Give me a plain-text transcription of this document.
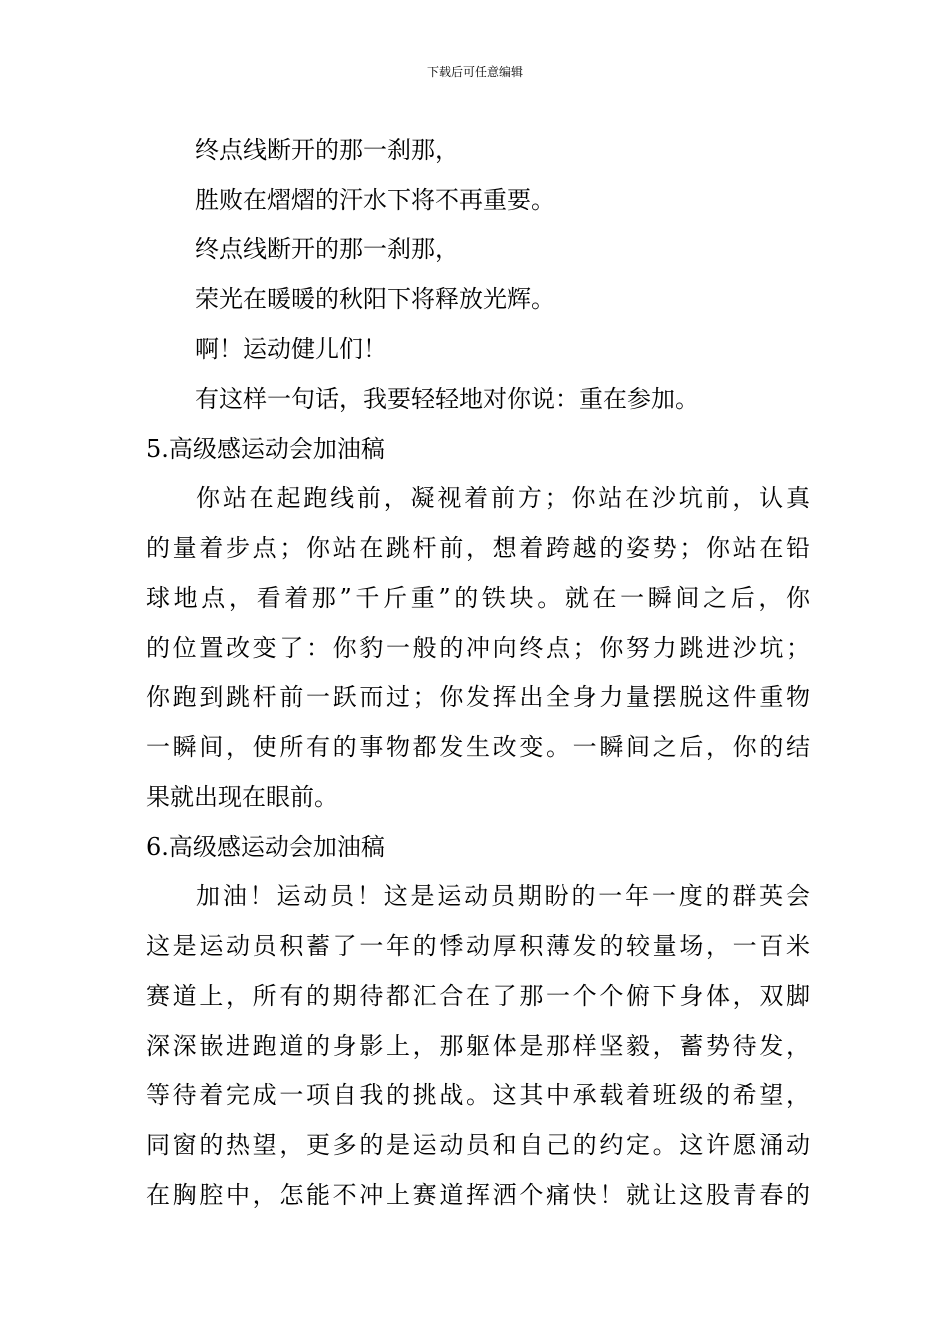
下载后可任意编辑
终点线断开的那一刹那，
胜败在熠熠的汗水下将不再重要。
终点线断开的那一刹那，
荣光在暖暖的秋阳下将释放光辉。
啊！运动健儿们！
有这样一句话，我要轻轻地对你说：重在参加。
5.高级感运动会加油稿
你站在起跑线前，凝视着前方；你站在沙坑前，认真
的量着步点；你站在跳杆前，想着跨越的姿势；你站在铅
球地点，看着那”千斤重”的铁块。就在一瞬间之后，你
的位置改变了：你豹一般的冲向终点；你努力跳进沙坑；
你跑到跳杆前一跃而过；你发挥出全身力量摆脱这件重物
一瞬间，使所有的事物都发生改变。一瞬间之后，你的结
果就出现在眼前。
6.高级感运动会加油稿
加油！运动员！这是运动员期盼的一年一度的群英会
这是运动员积蓄了一年的悸动厚积薄发的较量场，一百米
赛道上，所有的期待都汇合在了那一个个俯下身体，双脚
深深嵌进跑道的身影上，那躯体是那样坚毅，蓄势待发，
等待着完成一项自我的挑战。这其中承载着班级的希望，
同窗的热望，更多的是运动员和自己的约定。这许愿涌动
在胸腔中，怎能不冲上赛道挥洒个痛快！就让这股青春的
